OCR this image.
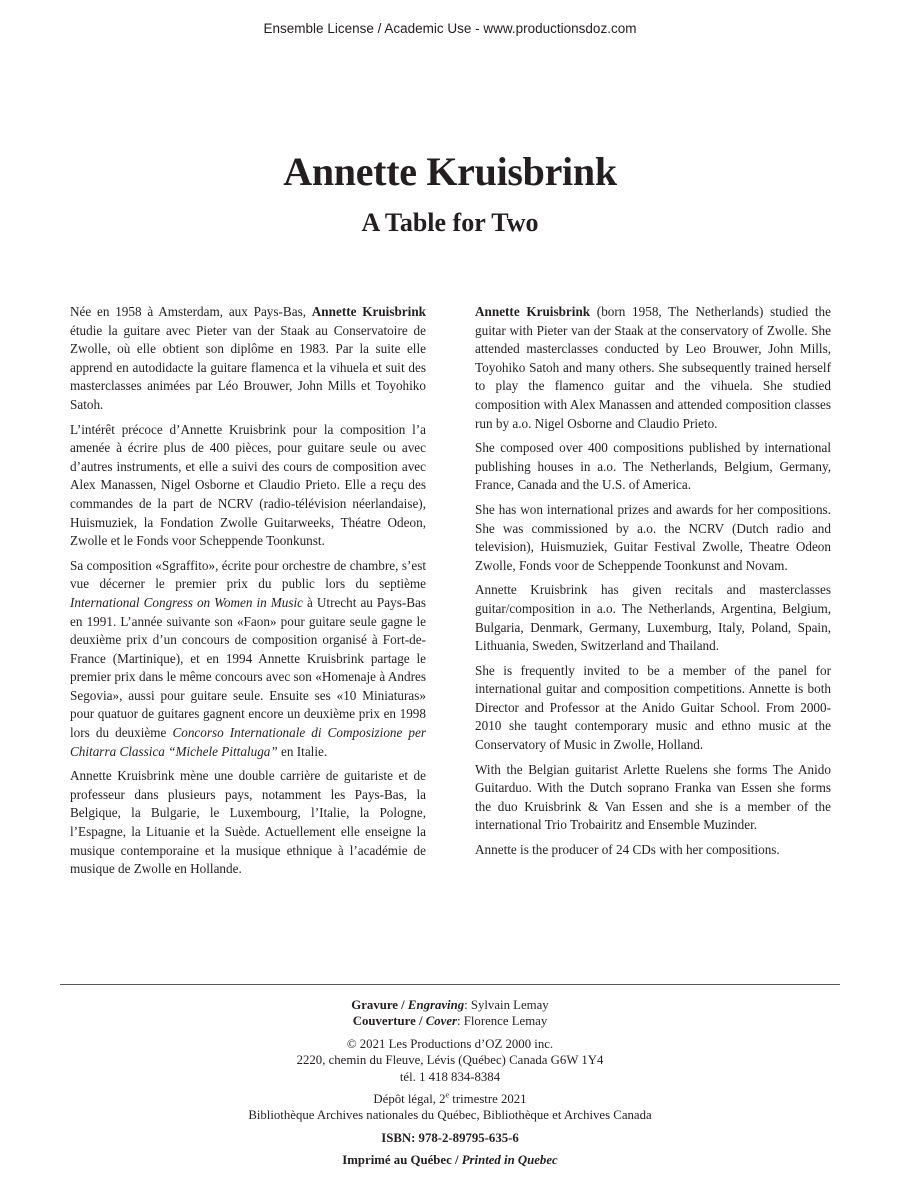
Ensemble License / Academic Use - www.productionsdoz.com
Annette Kruisbrink
A Table for Two

Née en 1958 à Amsterdam, aux Pays-Bas, Annette Kruisbrink étudie la guitare avec Pieter van der Staak au Conservatoire de Zwolle, où elle obtient son diplôme en 1983. Par la suite elle apprend en autodidacte la guitare flamenca et la vihuela et suit des masterclasses animées par Léo Brouwer, John Mills et Toyohiko Satoh.

L’intérêt précoce d’Annette Kruisbrink pour la composition l’a amenée à écrire plus de 400 pièces, pour guitare seule ou avec d’autres instruments, et elle a suivi des cours de composition avec Alex Manassen, Nigel Osborne et Claudio Prieto. Elle a reçu des commandes de la part de NCRV (radio-télévision néerlandaise), Huismuziek, la Fondation Zwolle Guitarweeks, Théatre Odeon, Zwolle et le Fonds voor Scheppende Toonkunst.

Sa composition «Sgraffito», écrite pour orchestre de chambre, s’est vue décerner le premier prix du public lors du septième International Congress on Women in Music à Utrecht au Pays-Bas en 1991. L’année suivante son «Faon» pour guitare seule gagne le deuxième prix d’un concours de composition organisé à Fort-de-France (Martinique), et en 1994 Annette Kruisbrink partage le premier prix dans le même concours avec son «Homenaje à Andres Segovia», aussi pour guitare seule. Ensuite ses «10 Miniaturas» pour quatuor de guitares gagnent encore un deuxième prix en 1998 lors du deuxième Concorso Internationale di Composizione per Chitarra Classica “Michele Pittaluga” en Italie.

Annette Kruisbrink mène une double carrière de guitariste et de professeur dans plusieurs pays, notamment les Pays-Bas, la Belgique, la Bulgarie, le Luxembourg, l’Italie, la Pologne, l’Espagne, la Lituanie et la Suède. Actuellement elle enseigne la musique contemporaine et la musique ethnique à l’académie de musique de Zwolle en Hollande.

Annette Kruisbrink (born 1958, The Netherlands) studied the guitar with Pieter van der Staak at the conservatory of Zwolle. She attended masterclasses conducted by Leo Brouwer, John Mills, Toyohiko Satoh and many others. She subsequently trained herself to play the flamenco guitar and the vihuela. She studied composition with Alex Manassen and attended composition classes run by a.o. Nigel Osborne and Claudio Prieto.

She composed over 400 compositions published by international publishing houses in a.o. The Netherlands, Belgium, Germany, France, Canada and the U.S. of America.

She has won international prizes and awards for her compositions. She was commissioned by a.o. the NCRV (Dutch radio and television), Huismuziek, Guitar Festival Zwolle, Theatre Odeon Zwolle, Fonds voor de Scheppende Toonkunst and Novam.

Annette Kruisbrink has given recitals and masterclasses guitar/composition in a.o. The Netherlands, Argentina, Belgium, Bulgaria, Denmark, Germany, Luxemburg, Italy, Poland, Spain, Lithuania, Sweden, Switzerland and Thailand.

She is frequently invited to be a member of the panel for international guitar and composition competitions. Annette is both Director and Professor at the Anido Guitar School. From 2000-2010 she taught contemporary music and ethno music at the Conservatory of Music in Zwolle, Holland.

With the Belgian guitarist Arlette Ruelens she forms The Anido Guitarduo. With the Dutch soprano Franka van Essen she forms the duo Kruisbrink & Van Essen and she is a member of the international Trio Trobairitz and Ensemble Muzinder.

Annette is the producer of 24 CDs with her compositions.

Gravure / Engraving: Sylvain Lemay
Couverture / Cover: Florence Lemay
© 2021 Les Productions d’OZ 2000 inc.
2220, chemin du Fleuve, Lévis (Québec) Canada G6W 1Y4
tél. 1 418 834-8384
Dépôt légal, 2e trimestre 2021
Bibliothèque Archives nationales du Québec, Bibliothèque et Archives Canada
ISBN: 978-2-89795-635-6
Imprimé au Québec / Printed in Quebec
